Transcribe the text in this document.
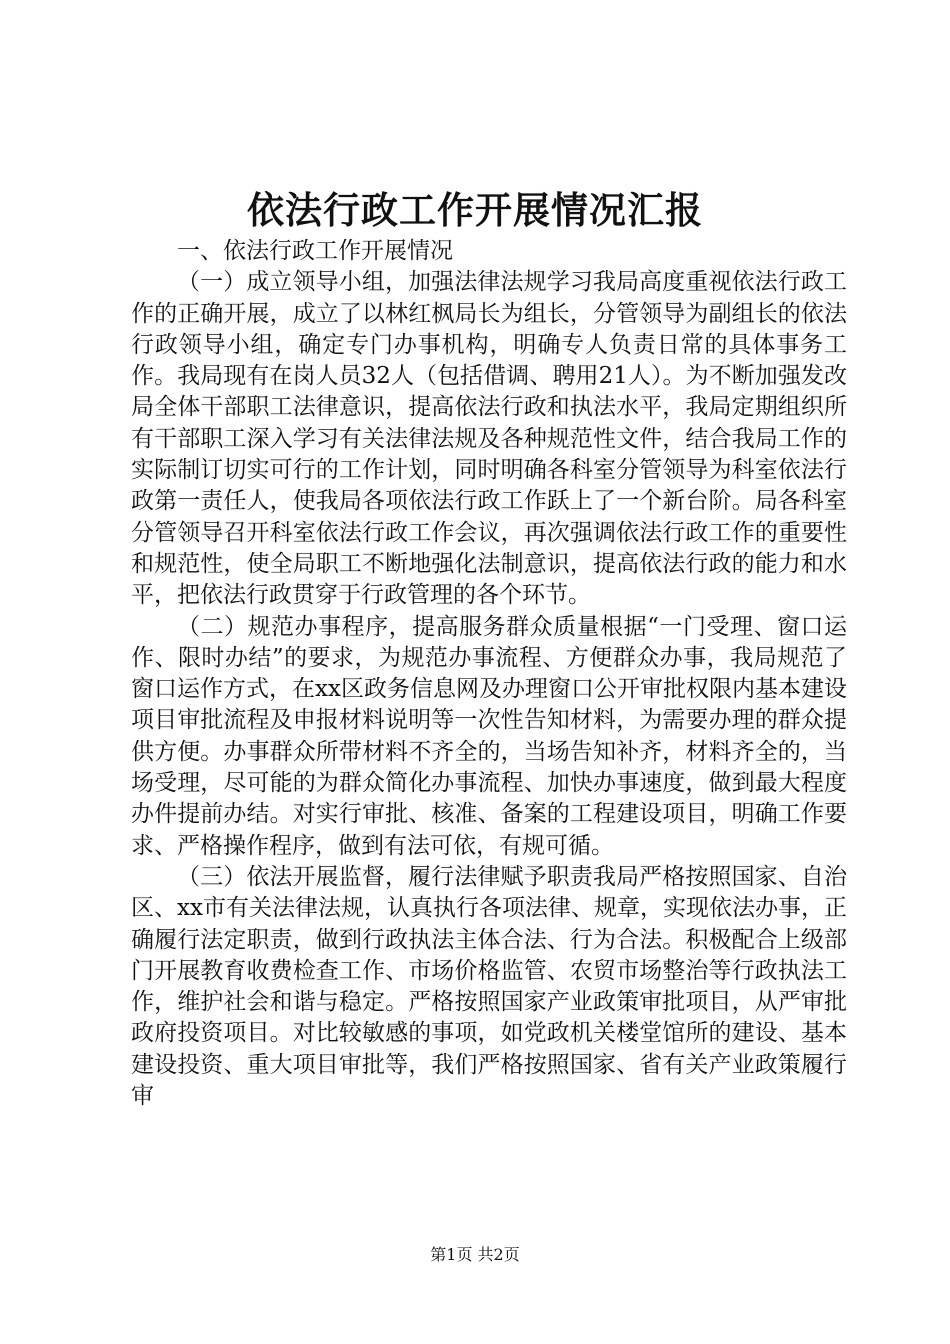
依法行政工作开展情况汇报

一、依法行政工作开展情况

（一）成立领导小组，加强法律法规学习我局高度重视依法行政工作的正确开展，成立了以林红枫局长为组长，分管领导为副组长的依法行政领导小组，确定专门办事机构，明确专人负责日常的具体事务工作。我局现有在岗人员32人（包括借调、聘用21人）。为不断加强发改局全体干部职工法律意识，提高依法行政和执法水平，我局定期组织所有干部职工深入学习有关法律法规及各种规范性文件，结合我局工作的实际制订切实可行的工作计划，同时明确各科室分管领导为科室依法行政第一责任人，使我局各项依法行政工作跃上了一个新台阶。局各科室分管领导召开科室依法行政工作会议，再次强调依法行政工作的重要性和规范性，使全局职工不断地强化法制意识，提高依法行政的能力和水平，把依法行政贯穿于行政管理的各个环节。

（二）规范办事程序，提高服务群众质量根据“一门受理、窗口运作、限时办结”的要求，为规范办事流程、方便群众办事，我局规范了窗口运作方式，在xx区政务信息网及办理窗口公开审批权限内基本建设项目审批流程及申报材料说明等一次性告知材料，为需要办理的群众提供方便。办事群众所带材料不齐全的，当场告知补齐，材料齐全的，当场受理，尽可能的为群众简化办事流程、加快办事速度，做到最大程度办件提前办结。对实行审批、核准、备案的工程建设项目，明确工作要求、严格操作程序，做到有法可依，有规可循。

（三）依法开展监督，履行法律赋予职责我局严格按照国家、自治区、xx市有关法律法规，认真执行各项法律、规章，实现依法办事，正确履行法定职责，做到行政执法主体合法、行为合法。积极配合上级部门开展教育收费检查工作、市场价格监管、农贸市场整治等行政执法工作，维护社会和谐与稳定。严格按照国家产业政策审批项目，从严审批政府投资项目。对比较敏感的事项，如党政机关楼堂馆所的建设、基本建设投资、重大项目审批等，我们严格按照国家、省有关产业政策履行审

第1页 共2页
